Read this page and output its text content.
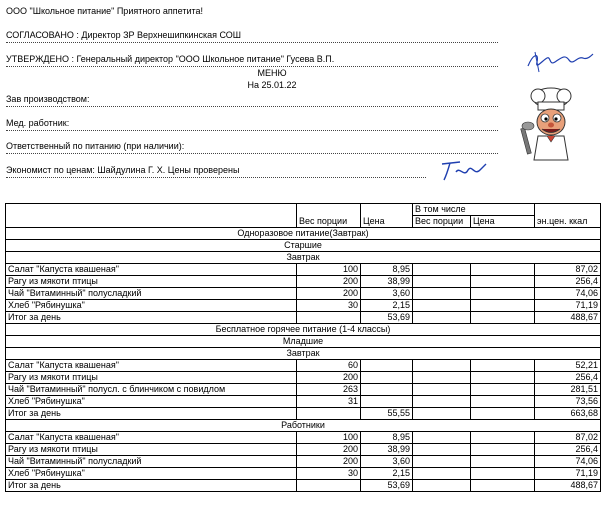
ООО "Школьное питание" Приятного аппетита!
СОГЛАСОВАНО : Директор ЗР Верхнешипкинская СОШ
УТВЕРЖДЕНО : Генеральный директор "ООО Школьное питание" Гусева В.П.
МЕНЮ
На 25.01.22
Зав производством:
Мед. работник:
Ответственный по питанию (при наличии):
Экономист по ценам: Шайдулина Г. Х. Цены проверены
			В том числе		
	Вес порции	Цена	Вес порции	Цена	эн.цен. ккал
Одноразовое питание(Завтрак)					
Старшие					
Завтрак					
Салат "Капуста квашеная"	100	8,95			87,02
Рагу из мякоти птицы	200	38,99			256,4
Чай "Витаминный" полусладкий	200	3,60			74,06
Хлеб "Рябинушка"	30	2,15			71,19
Итог за день		53,69			488,67
Бесплатное горячее питание (1-4 классы)					
Младшие					
Завтрак					
Салат "Капуста квашеная"	60				52,21
Рагу из мякоти птицы	200				256,4
Чай "Витаминный" полусл. с блинчиком с повидлом	263				281,51
Хлеб "Рябинушка"	31				73,56
Итог за день		55,55			663,68
Работники					
Салат "Капуста квашеная"	100	8,95			87,02
Рагу из мякоти птицы	200	38,99			256,4
Чай "Витаминный" полусладкий	200	3,60			74,06
Хлеб "Рябинушка"	30	2,15			71,19
Итог за день		53,69			488,67
